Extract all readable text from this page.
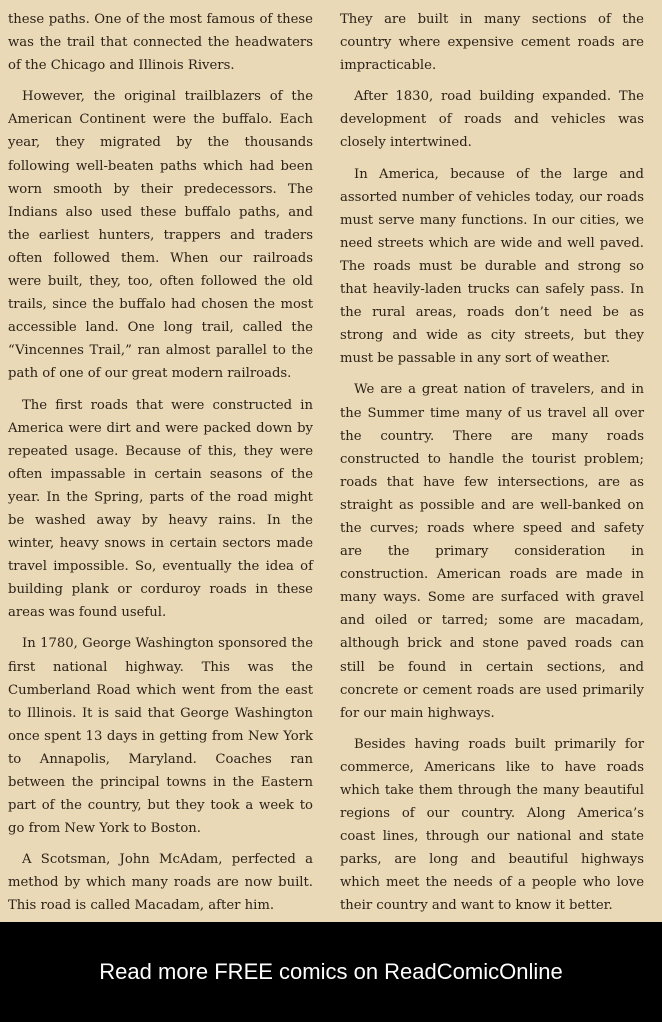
these paths. One of the most famous of these was the trail that connected the headwaters of the Chicago and Illinois Rivers.

However, the original trailblazers of the American Continent were the buffalo. Each year, they migrated by the thousands following well-beaten paths which had been worn smooth by their predecessors. The Indians also used these buffalo paths, and the earliest hunters, trappers and traders often followed them. When our railroads were built, they, too, often followed the old trails, since the buffalo had chosen the most accessible land. One long trail, called the “Vincennes Trail,” ran almost parallel to the path of one of our great modern railroads.

The first roads that were constructed in America were dirt and were packed down by repeated usage. Because of this, they were often impassable in certain seasons of the year. In the Spring, parts of the road might be washed away by heavy rains. In the winter, heavy snows in certain sectors made travel impossible. So, eventually the idea of building plank or corduroy roads in these areas was found useful.

In 1780, George Washington sponsored the first national highway. This was the Cumberland Road which went from the east to Illinois. It is said that George Washington once spent 13 days in getting from New York to Annapolis, Maryland. Coaches ran between the principal towns in the Eastern part of the country, but they took a week to go from New York to Boston.

A Scotsman, John McAdam, perfected a method by which many roads are now built. This road is called Macadam, after him.

They are built in many sections of the country where expensive cement roads are impracticable.

After 1830, road building expanded. The development of roads and vehicles was closely intertwined.

In America, because of the large and assorted number of vehicles today, our roads must serve many functions. In our cities, we need streets which are wide and well paved. The roads must be durable and strong so that heavily-laden trucks can safely pass. In the rural areas, roads don’t need be as strong and wide as city streets, but they must be passable in any sort of weather.

We are a great nation of travelers, and in the Summer time many of us travel all over the country. There are many roads constructed to handle the tourist problem; roads that have few intersections, are as straight as possible and are well-banked on the curves; roads where speed and safety are the primary consideration in construction. American roads are made in many ways. Some are surfaced with gravel and oiled or tarred; some are macadam, although brick and stone paved roads can still be found in certain sections, and concrete or cement roads are used primarily for our main highways.

Besides having roads built primarily for commerce, Americans like to have roads which take them through the many beautiful regions of our country. Along America’s coast lines, through our national and state parks, are long and beautiful highways which meet the needs of a people who love their country and want to know it better.

Read more FREE comics on ReadComicOnline
